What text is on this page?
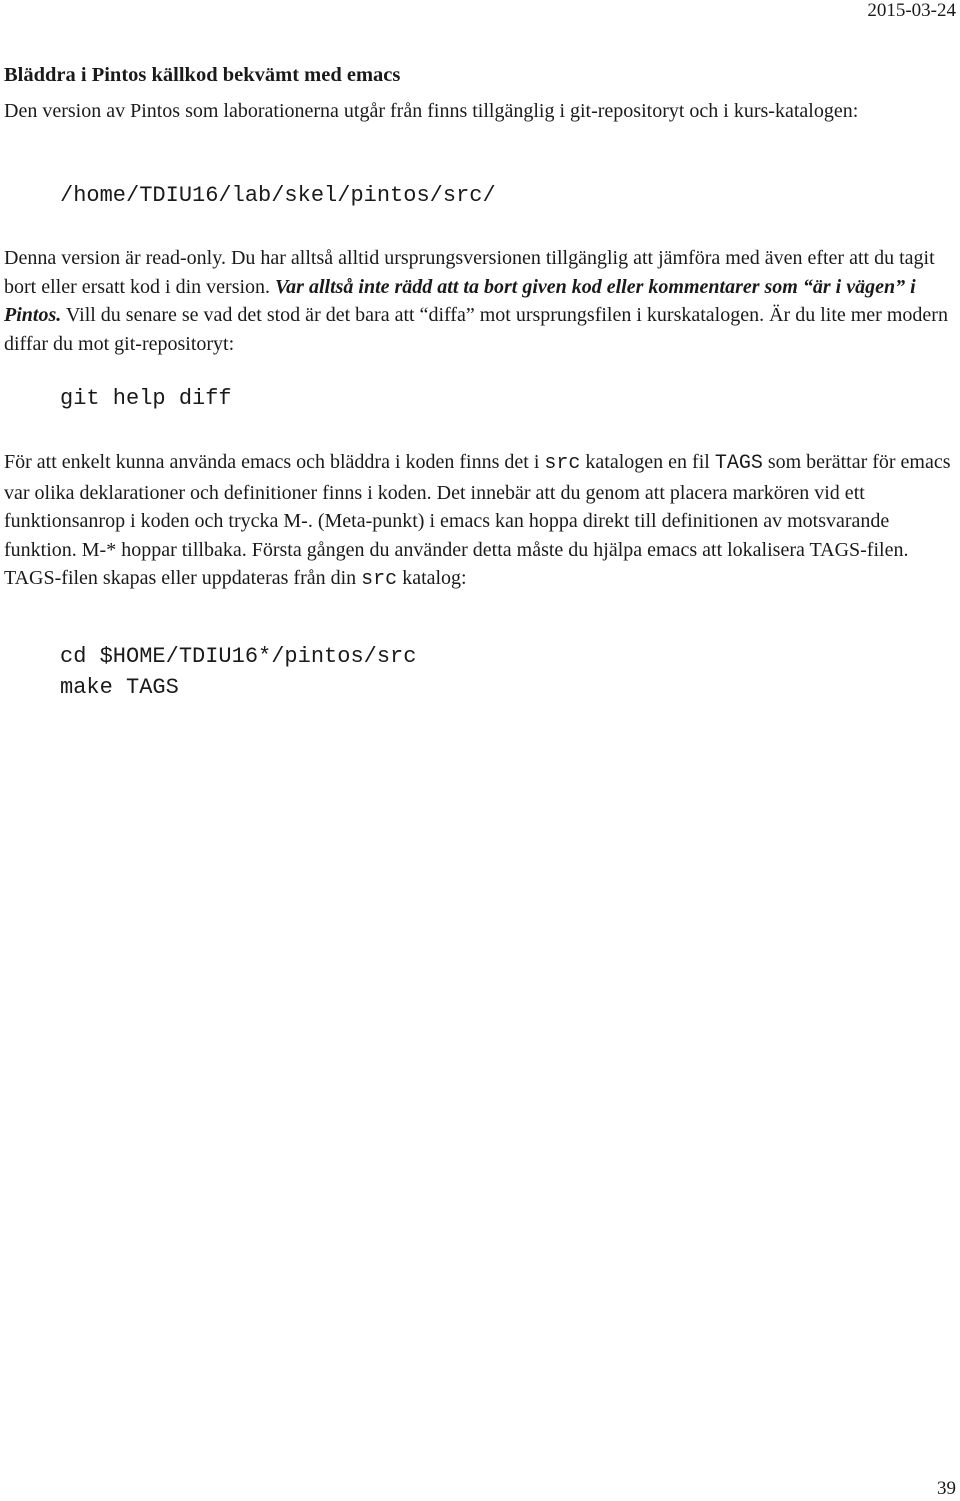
2015-03-24
Bläddra i Pintos källkod bekvämt med emacs

Den version av Pintos som laborationerna utgår från finns tillgänglig i git-repositoryt och i kurs-katalogen:

/home/TDIU16/lab/skel/pintos/src/

Denna version är read-only. Du har alltså alltid ursprungsversionen tillgänglig att jämföra med även efter att du tagit bort eller ersatt kod i din version. Var alltså inte rädd att ta bort given kod eller kommentarer som “är i vägen” i Pintos. Vill du senare se vad det stod är det bara att “diffa” mot ursprungsfilen i kurskatalogen. Är du lite mer modern diffar du mot git-repositoryt:

git help diff

För att enkelt kunna använda emacs och bläddra i koden finns det i src katalogen en fil TAGS som berättar för emacs var olika deklarationer och definitioner finns i koden. Det innebär att du genom att placera markören vid ett funktionsanrop i koden och trycka M-. (Meta-punkt) i emacs kan hoppa direkt till definitionen av motsvarande funktion. M-* hoppar tillbaka. Första gången du använder detta måste du hjälpa emacs att lokalisera TAGS-filen. TAGS-filen skapas eller uppdateras från din src katalog:

cd $HOME/TDIU16*/pintos/src
make TAGS
39
